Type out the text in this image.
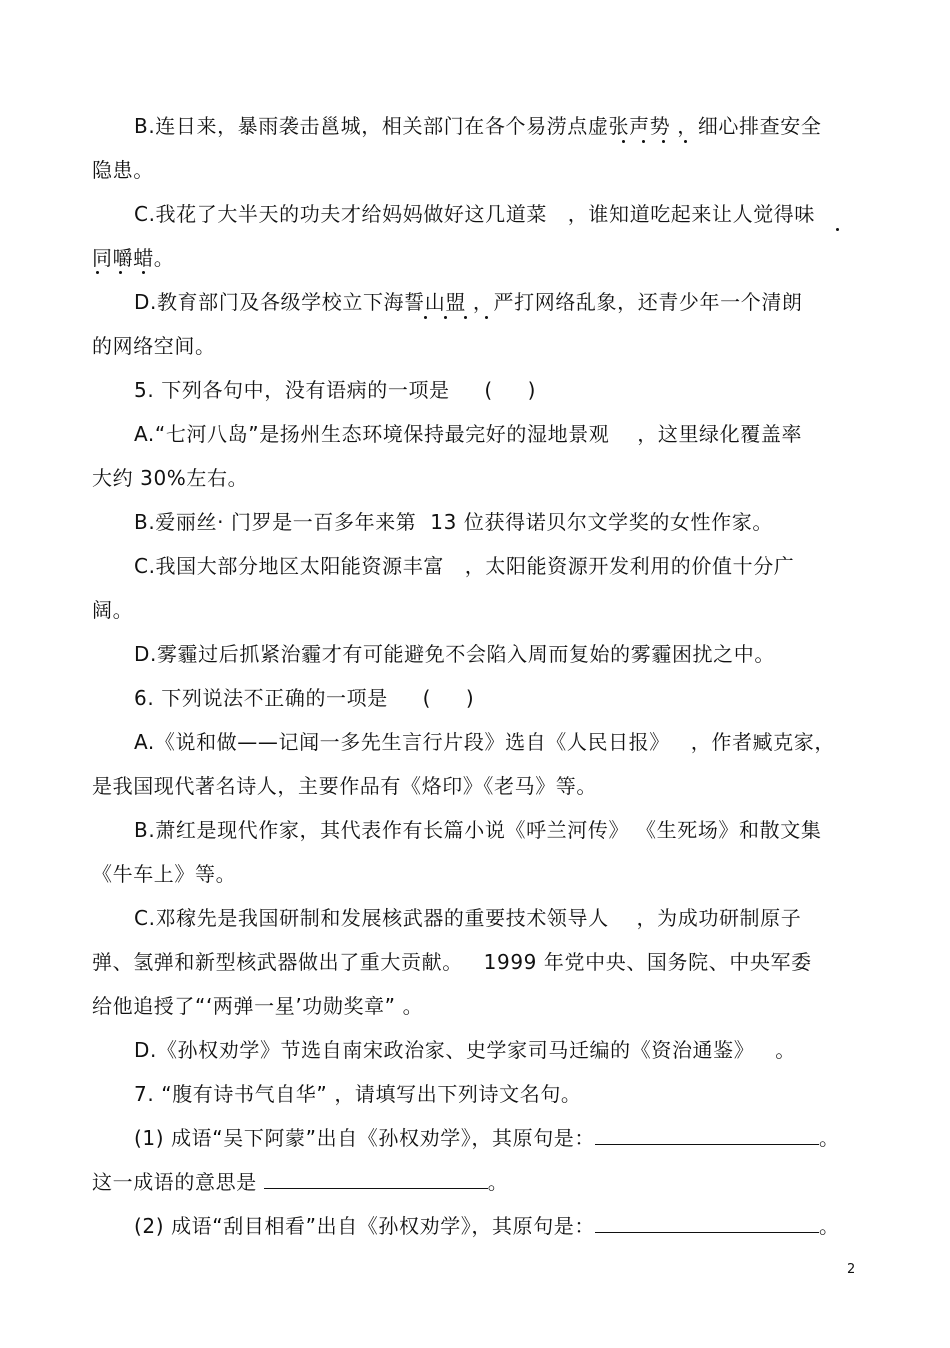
B.连日来，暴雨袭击邕城，相关部门在各个易涝点虚张声势 ，细心排查安全
隐患。
C.我花了大半天的功夫才给妈妈做好这几道菜   ，谁知道吃起来让人觉得味
同嚼蜡。
D.教育部门及各级学校立下海誓山盟 ，严打网络乱象，还青少年一个清朗
的网络空间。
5. 下列各句中，没有语病的一项是     (     )
A.“七河八岛”是扬州生态环境保持最完好的湿地景观    ，这里绿化覆盖率
大约 30%左右。
B.爱丽丝· 门罗是一百多年来第  13 位获得诺贝尔文学奖的女性作家。
C.我国大部分地区太阳能资源丰富   ，太阳能资源开发利用的价值十分广
阔。
D.雾霾过后抓紧治霾才有可能避免不会陷入周而复始的雾霾困扰之中。
6. 下列说法不正确的一项是     (     )
A.《说和做——记闻一多先生言行片段》选自《人民日报》   ，作者臧克家，
是我国现代著名诗人，主要作品有《烙印》《老马》等。
B.萧红是现代作家，其代表作有长篇小说《呼兰河传》 《生死场》和散文集
《牛车上》等。
C.邓稼先是我国研制和发展核武器的重要技术领导人    ，为成功研制原子
弹、氢弹和新型核武器做出了重大贡献。   1999 年党中央、国务院、中央军委
给他追授了“‘两弹一星’功勋奖章” 。
D.《孙权劝学》节选自南宋政治家、史学家司马迁编的《资治通鉴》   。
7. “腹有诗书气自华” ，请填写出下列诗文名句。
(1) 成语“吴下阿蒙”出自《孙权劝学》，其原句是：	。
这一成语的意思是	。
(2) 成语“刮目相看”出自《孙权劝学》，其原句是：	。
2
